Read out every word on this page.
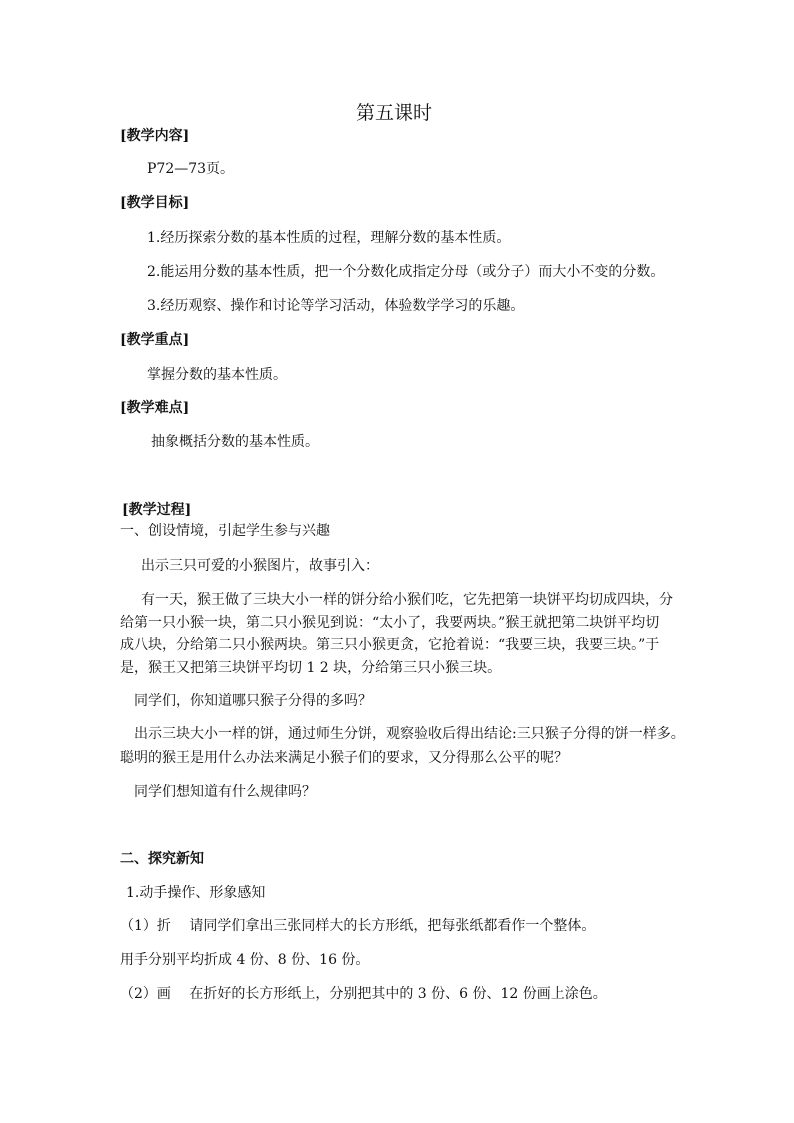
第五课时
[教学内容]
P72—73页。
[教学目标]
1.经历探索分数的基本性质的过程，理解分数的基本性质。
2.能运用分数的基本性质，把一个分数化成指定分母（或分子）而大小不变的分数。
3.经历观察、操作和讨论等学习活动，体验数学学习的乐趣。
[教学重点]
掌握分数的基本性质。
[教学难点]
抽象概括分数的基本性质。
[教学过程]
一、创设情境，引起学生参与兴趣
出示三只可爱的小猴图片，故事引入：
有一天，猴王做了三块大小一样的饼分给小猴们吃，它先把第一块饼平均切成四块，分
给第一只小猴一块，第二只小猴见到说：“太小了，我要两块。”猴王就把第二块饼平均切
成八块，分给第二只小猴两块。第三只小猴更贪，它抢着说：“我要三块，我要三块。”于
是，猴王又把第三块饼平均切 1 2 块，分给第三只小猴三块。
同学们，你知道哪只猴子分得的多吗？
出示三块大小一样的饼，通过师生分饼，观察验收后得出结论:三只猴子分得的饼一样多。
聪明的猴王是用什么办法来满足小猴子们的要求，又分得那么公平的呢？
同学们想知道有什么规律吗？
二、探究新知
1.动手操作、形象感知
（1）折　 请同学们拿出三张同样大的长方形纸，把每张纸都看作一个整体。
用手分别平均折成 4 份、8 份、16 份。
（2）画　 在折好的长方形纸上，分别把其中的 3 份、6 份、12 份画上涂色。
